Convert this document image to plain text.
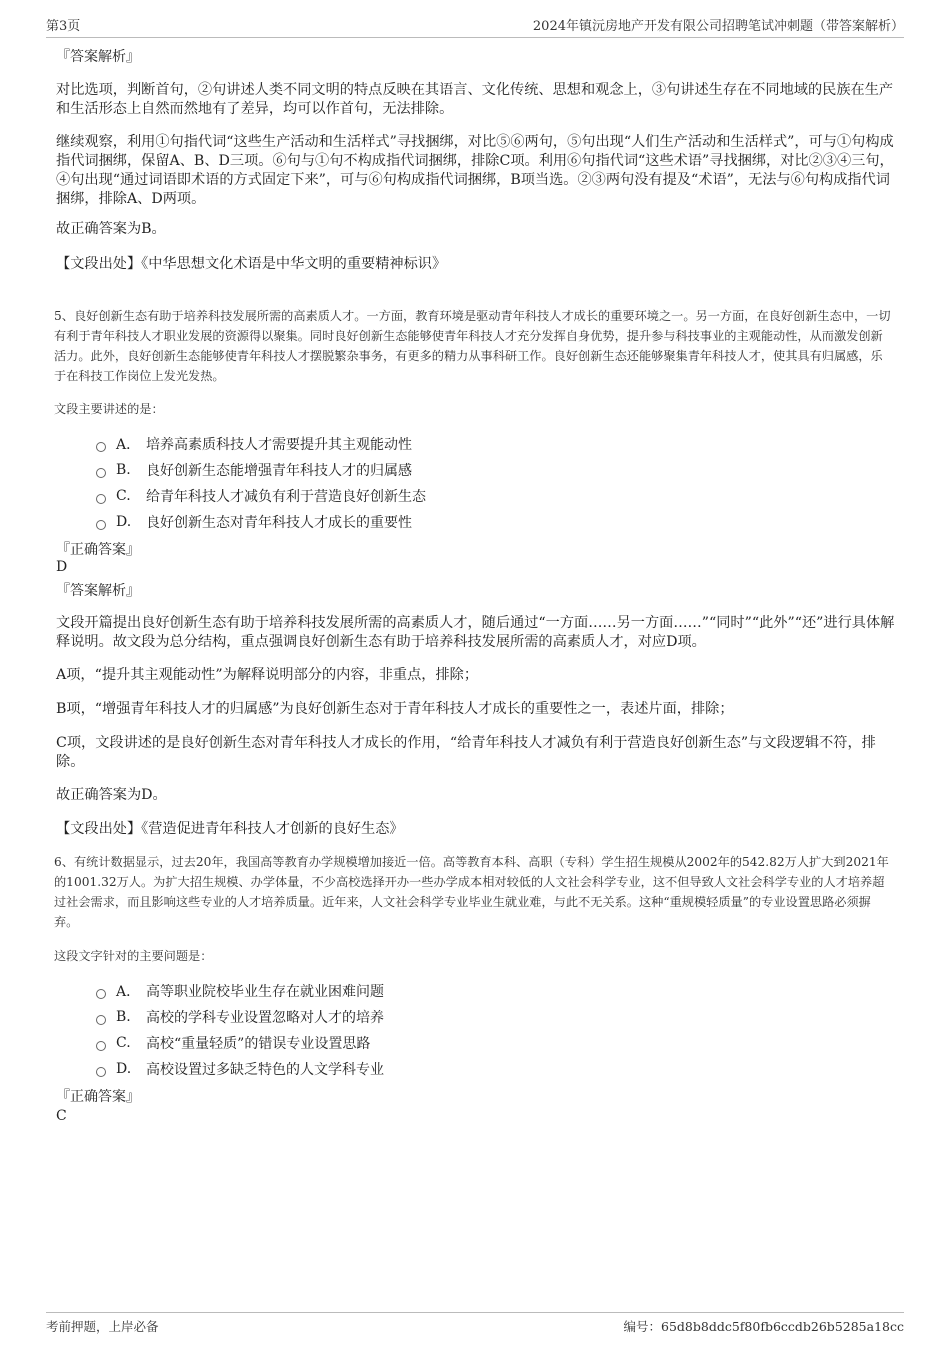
第3页	2024年镇沅房地产开发有限公司招聘笔试冲刺题（带答案解析）
『答案解析』

对比选项，判断首句，②句讲述人类不同文明的特点反映在其语言、文化传统、思想和观念上，③句讲述生存在不同地域的民族在生产和生活形态上自然而然地有了差异，均可以作首句，无法排除。

继续观察，利用①句指代词“这些生产活动和生活样式”寻找捆绑，对比⑤⑥两句，⑤句出现“人们生产活动和生活样式”，可与①句构成指代词捆绑，保留A、B、D三项。⑥句与①句不构成指代词捆绑，排除C项。利用⑥句指代词“这些术语”寻找捆绑，对比②③④三句，④句出现“通过词语即术语的方式固定下来”，可与⑥句构成指代词捆绑，B项当选。②③两句没有提及“术语”，无法与⑥句构成指代词捆绑，排除A、D两项。

故正确答案为B。

【文段出处】《中华思想文化术语是中华文明的重要精神标识》

5、良好创新生态有助于培养科技发展所需的高素质人才。一方面，教育环境是驱动青年科技人才成长的重要环境之一。另一方面，在良好创新生态中，一切有利于青年科技人才职业发展的资源得以聚集。同时良好创新生态能够使青年科技人才充分发挥自身优势，提升参与科技事业的主观能动性，从而激发创新活力。此外，良好创新生态能够使青年科技人才摆脱繁杂事务，有更多的精力从事科研工作。良好创新生态还能够聚集青年科技人才，使其具有归属感，乐于在科技工作岗位上发光发热。

文段主要讲述的是：

A． 培养高素质科技人才需要提升其主观能动性
B.	良好创新生态能增强青年科技人才的归属感
C.	给青年科技人才减负有利于营造良好创新生态
D.	良好创新生态对青年科技人才成长的重要性
『正确答案』
D
『答案解析』

文段开篇提出良好创新生态有助于培养科技发展所需的高素质人才，随后通过“一方面……另一方面……”“同时”“此外”“还”进行具体解释说明。故文段为总分结构，重点强调良好创新生态有助于培养科技发展所需的高素质人才，对应D项。

A项，“提升其主观能动性”为解释说明部分的内容，非重点，排除；

B项，“增强青年科技人才的归属感”为良好创新生态对于青年科技人才成长的重要性之一，表述片面，排除；

C项，文段讲述的是良好创新生态对青年科技人才成长的作用，“给青年科技人才减负有利于营造良好创新生态”与文段逻辑不符，排除。

故正确答案为D。

【文段出处】《营造促进青年科技人才创新的良好生态》

6、有统计数据显示，过去20年，我国高等教育办学规模增加接近一倍。高等教育本科、高职（专科）学生招生规模从2002年的542.82万人扩大到2021年的1001.32万人。为扩大招生规模、办学体量，不少高校选择开办一些办学成本相对较低的人文社会科学专业，这不但导致人文社会科学专业的人才培养超过社会需求，而且影响这些专业的人才培养质量。近年来，人文社会科学专业毕业生就业难，与此不无关系。这种“重规模轻质量”的专业设置思路必须摒弃。

这段文字针对的主要问题是：

A． 高等职业院校毕业生存在就业困难问题
B.	高校的学科专业设置忽略对人才的培养
C.	高校“重量轻质”的错误专业设置思路
D.	高校设置过多缺乏特色的人文学科专业
『正确答案』
C
考前押题，上岸必备	编号：65d8b8ddc5f80fb6ccdb26b5285a18cc
